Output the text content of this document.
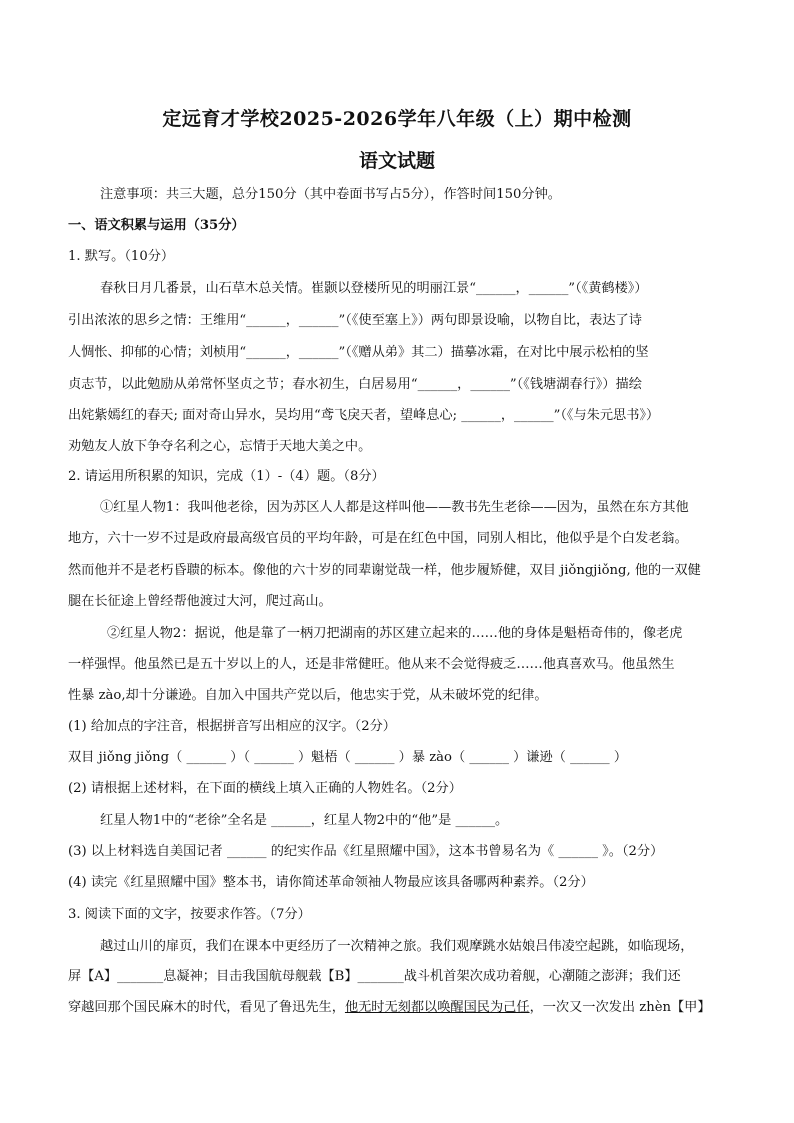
定远育才学校2025-2026学年八年级（上）期中检测
语文试题
注意事项：共三大题，总分150分（其中卷面书写占5分），作答时间150分钟。
一、语文积累与运用（35分）
1. 默写。（10分）
春秋日月几番景，山石草木总关情。崔颢以登楼所见的明丽江景“______，______”（《黄鹤楼》）
引出浓浓的思乡之情：王维用“______，______”（《使至塞上》）两句即景设喻，以物自比，表达了诗
人惆怅、抑郁的心情；刘桢用“______，______”（《赠从弟》其二）描摹冰霜，在对比中展示松柏的坚
贞志节，以此勉励从弟常怀坚贞之节；春水初生，白居易用“______，______”（《钱塘湖春行》）描绘
出姹紫嫣红的春天; 面对奇山异水，吴均用“鸢飞戾天者，望峰息心; ______，______”（《与朱元思书》）
劝勉友人放下争夺名利之心，忘情于天地大美之中。
2. 请运用所积累的知识，完成（1）-（4）题。（8分）
①红星人物1：我叫他老徐，因为苏区人人都是这样叫他——教书先生老徐——因为，虽然在东方其他
地方，六十一岁不过是政府最高级官员的平均年龄，可是在红色中国，同别人相比，他似乎是个白发老翁。
然而他并不是老朽昏聩的标本。像他的六十岁的同辈谢觉哉一样，他步履矫健，双目 jiǒngjiǒng, 他的一双健
腿在长征途上曾经帮他渡过大河，爬过高山。
②红星人物2：据说，他是靠了一柄刀把湖南的苏区建立起来的……他的身体是魁梧奇伟的，像老虎
一样强悍。他虽然已是五十岁以上的人，还是非常健旺。他从来不会觉得疲乏……他真喜欢马。他虽然生
性暴 zào,却十分谦逊。自加入中国共产党以后，他忠实于党，从未破坏党的纪律。
(1) 给加点的字注音，根据拼音写出相应的汉字。（2分）
双目 jiǒng jiǒng（ ______ ）（ ______ ）魁梧（ ______ ）暴 zào（ ______ ）谦逊（ ______ ）
(2) 请根据上述材料，在下面的横线上填入正确的人物姓名。（2分）
红星人物1中的“老徐”全名是 ______，红星人物2中的“他”是 ______。
(3) 以上材料选自美国记者 ______ 的纪实作品《红星照耀中国》，这本书曾易名为《 ______ 》。（2分）
(4) 读完《红星照耀中国》整本书，请你简述革命领袖人物最应该具备哪两种素养。（2分）
3. 阅读下面的文字，按要求作答。（7分）
越过山川的扉页，我们在课本中更经历了一次精神之旅。我们观摩跳水姑娘吕伟凌空起跳，如临现场，
屏【A】_______息凝神；目击我国航母舰载【B】_______战斗机首架次成功着舰，心潮随之澎湃；我们还
穿越回那个国民麻木的时代，看见了鲁迅先生，他无时无刻都以唤醒国民为己任，一次又一次发出 zhèn【甲】
